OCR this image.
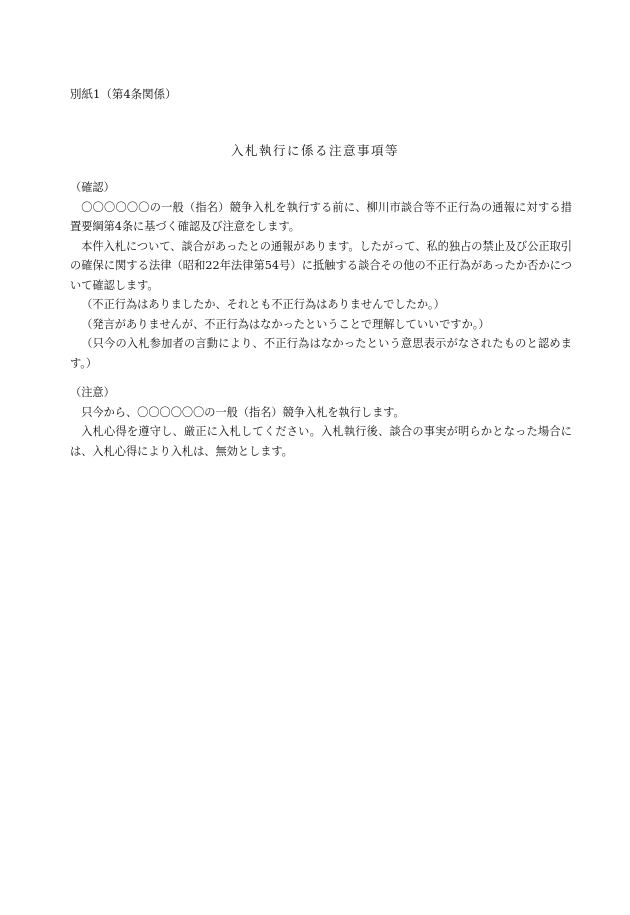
別紙1（第4条関係）
入札執行に係る注意事項等

（確認）

〇〇〇〇〇〇の一般（指名）競争入札を執行する前に、柳川市談合等不正行為の通報に対する措置要綱第4条に基づく確認及び注意をします。

本件入札について、談合があったとの通報があります。したがって、私的独占の禁止及び公正取引の確保に関する法律（昭和22年法律第54号）に抵触する談合その他の不正行為があったか否かについて確認します。

（不正行為はありましたか、それとも不正行為はありませんでしたか。）

（発言がありませんが、不正行為はなかったということで理解していいですか。）

（只今の入札参加者の言動により、不正行為はなかったという意思表示がなされたものと認めます。）

（注意）

只今から、〇〇〇〇〇〇の一般（指名）競争入札を執行します。

入札心得を遵守し、厳正に入札してください。入札執行後、談合の事実が明らかとなった場合には、入札心得により入札は、無効とします。
